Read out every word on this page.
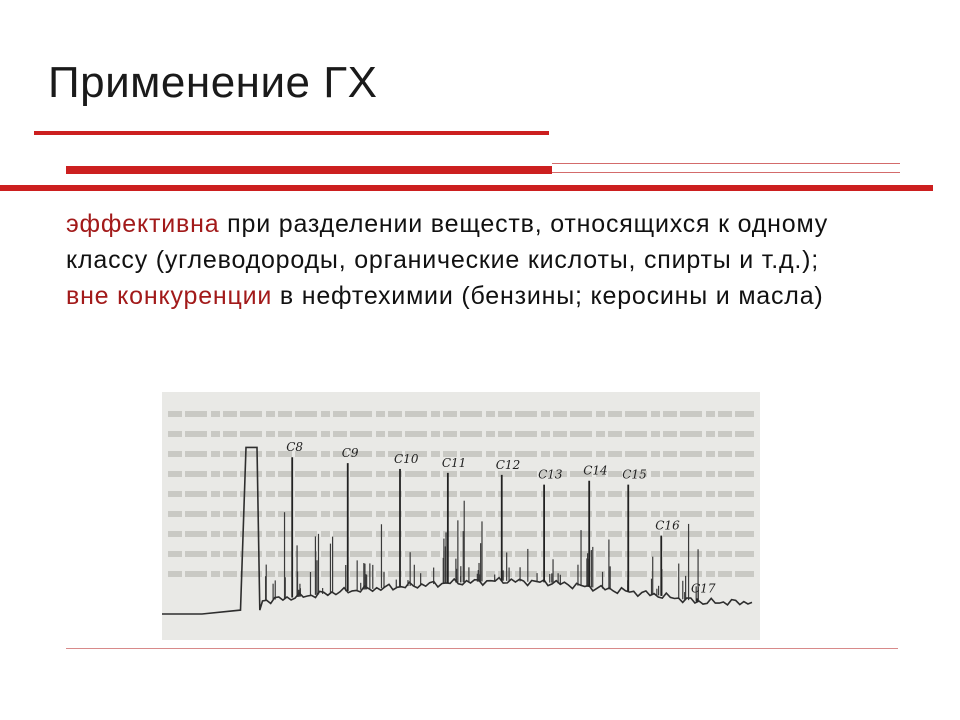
Применение ГХ
эффективна при разделении веществ, относящихся к одному классу (углеводороды, органические кислоты, спирты и т.д.);
вне конкуренции в нефтехимии (бензины; керосины и масла)
C8	C9	C10 C11 C12
C13 C14 C15
C16
C17
